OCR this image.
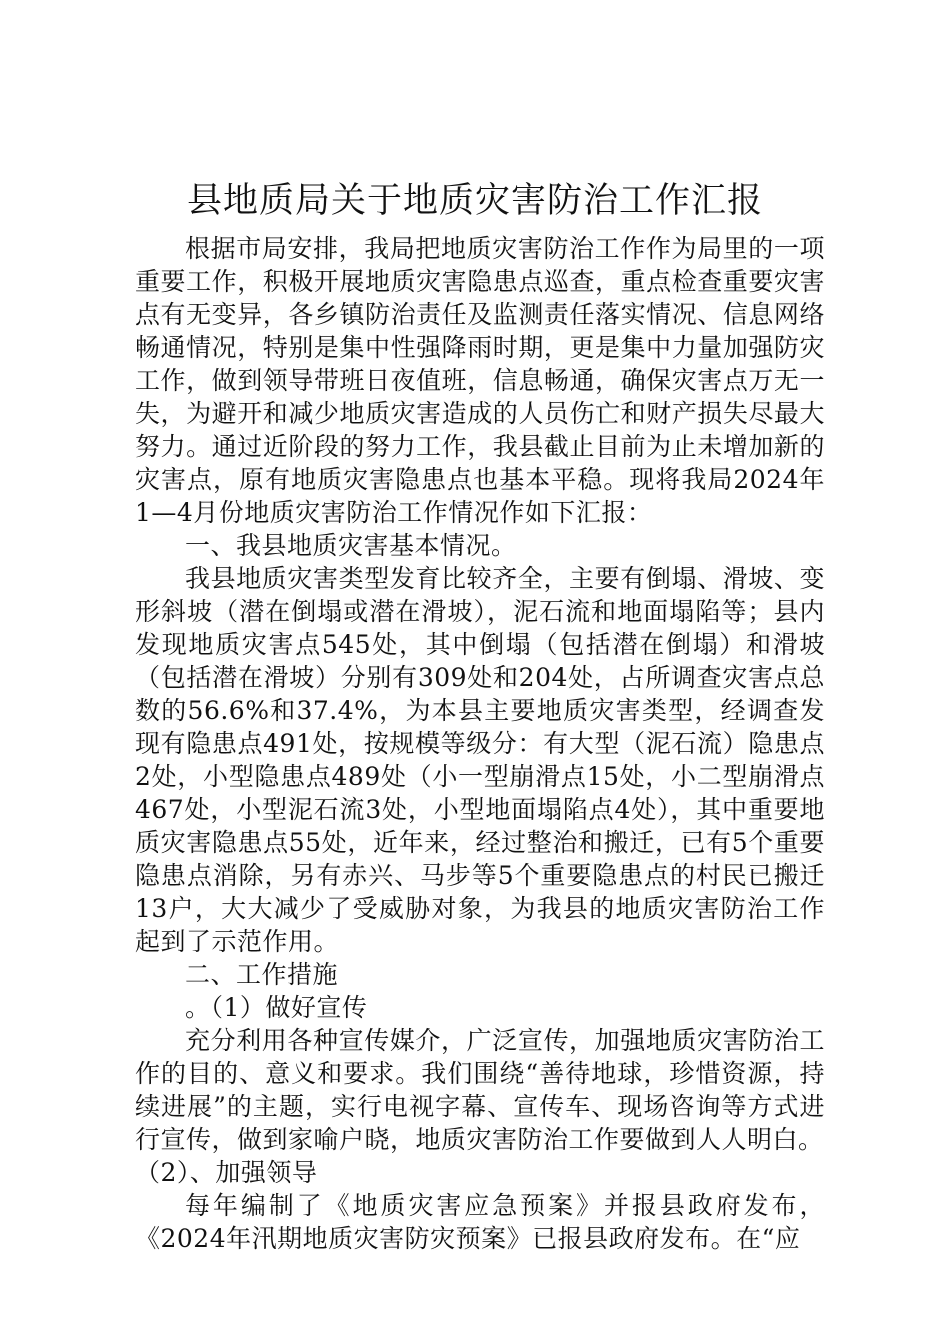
县地质局关于地质灾害防治工作汇报

根据市局安排，我局把地质灾害防治工作作为局里的一项重要工作，积极开展地质灾害隐患点巡查，重点检查重要灾害点有无变异，各乡镇防治责任及监测责任落实情况、信息网络畅通情况，特别是集中性强降雨时期，更是集中力量加强防灾工作，做到领导带班日夜值班，信息畅通，确保灾害点万无一失，为避开和减少地质灾害造成的人员伤亡和财产损失尽最大努力。通过近阶段的努力工作，我县截止目前为止未增加新的灾害点，原有地质灾害隐患点也基本平稳。现将我局2024年1—4月份地质灾害防治工作情况作如下汇报：

一、我县地质灾害基本情况。

我县地质灾害类型发育比较齐全，主要有倒塌、滑坡、变形斜坡（潜在倒塌或潜在滑坡），泥石流和地面塌陷等；县内发现地质灾害点545处，其中倒塌（包括潜在倒塌）和滑坡（包括潜在滑坡）分别有309处和204处，占所调查灾害点总数的56.6%和37.4%，为本县主要地质灾害类型，经调查发现有隐患点491处，按规模等级分：有大型（泥石流）隐患点2处，小型隐患点489处（小一型崩滑点15处，小二型崩滑点467处，小型泥石流3处，小型地面塌陷点4处），其中重要地质灾害隐患点55处，近年来，经过整治和搬迁，已有5个重要隐患点消除，另有赤兴、马步等5个重要隐患点的村民已搬迁13户，大大减少了受威胁对象，为我县的地质灾害防治工作起到了示范作用。

二、工作措施

。（1）做好宣传

充分利用各种宣传媒介，广泛宣传，加强地质灾害防治工作的目的、意义和要求。我们围绕“善待地球，珍惜资源，持续进展”的主题，实行电视字幕、宣传车、现场咨询等方式进行宣传，做到家喻户晓，地质灾害防治工作要做到人人明白。

（2）、加强领导

每年编制了《地质灾害应急预案》并报县政府发布，《2024年汛期地质灾害防灾预案》已报县政府发布。在“应
